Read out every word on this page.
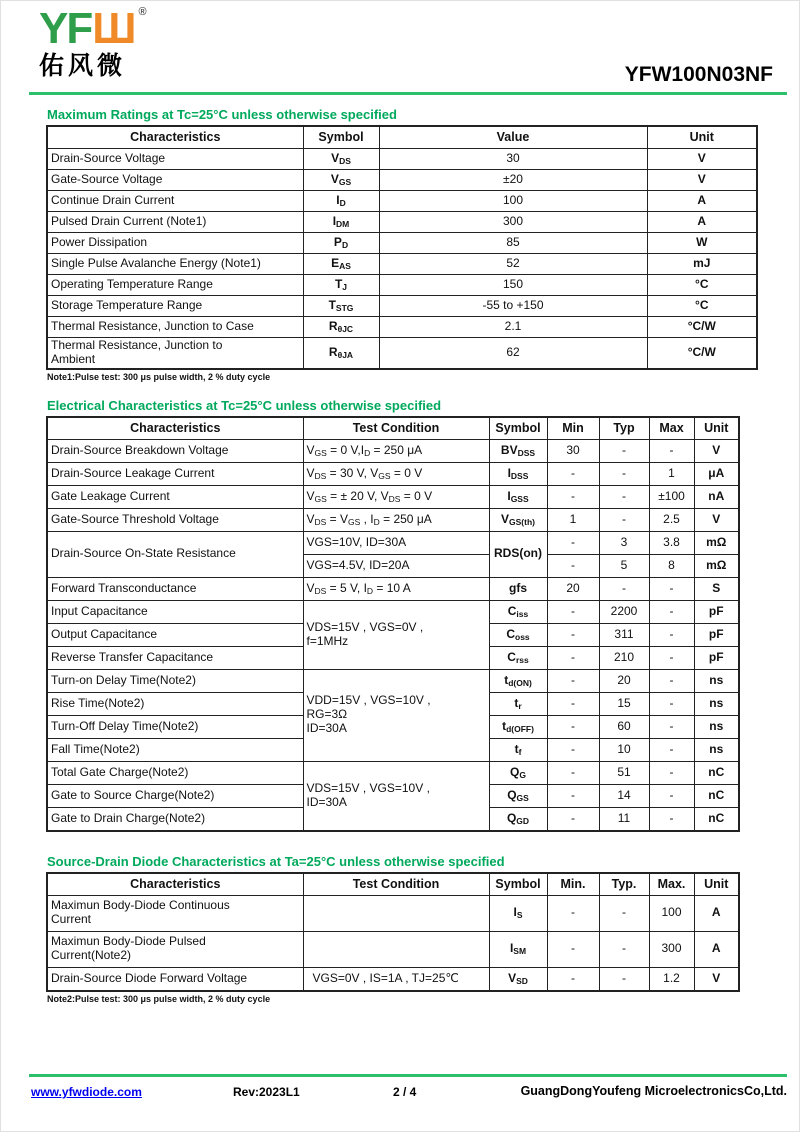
YFШ ®
佑风微	YFW100N03NF
Maximum Ratings at Tc=25°C unless otherwise specified
Characteristics	Symbol	Value	Unit
Drain-Source Voltage	$V_{DS}$	30	V
Gate-Source Voltage	$V_{GS}$	±20	V
Continue Drain Current	$I_D$	100	A
Pulsed Drain Current (Note1)	$I_{DM}$	300	A
Power Dissipation	$P_D$	85	W
Single Pulse Avalanche Energy (Note1)	$E_{AS}$	52	mJ
Operating Temperature Range	$T_J$	150	°C
Storage Temperature Range	$T_{STG}$	-55 to +150	°C
Thermal Resistance, Junction to Case	$R_{\theta JC}$	2.1	°C/W
Thermal Resistance, Junction to
Ambient	$R_{\theta JA}$	62	°C/W
Note1:Pulse test: 300 μs pulse width, 2 % duty cycle
Electrical Characteristics at Tc=25°C unless otherwise specified
Characteristics	Test Condition	Symbol	Min	Typ	Max	Unit
Drain-Source Breakdown Voltage	$V_{GS} = 0$ $V,I_D = 250$ μA	$BV_{DSS}$	30	-	-	V
Drain-Source Leakage Current	$V_{DS} = 30$ V, $V_{GS} = 0$ V	$I_{DSS}$	-	-	1	μA
Gate Leakage Current	$V_{GS}$ = ± 20 V, $V_{DS} = 0$ V	$I_{GSS}$	-	-	±100	nA
Gate-Source Threshold Voltage	$V_{DS} = V_{GS}$ , $I_D = 250$ μA	$V_{GS(th)}$	1	-	2.5	V
Drain-Source On-State Resistance	VGS=10V, ID=30A	RDS(on)	-	3	3.8	mΩ
	VGS=4.5V, ID=20A		-	5	8	mΩ
Forward Transconductance	$V_{DS} = 5$ V, $I_D = 10$ A	gfs	20	-	-	S
Input Capacitance	VDS=15V , VGS=0V ,
f=1MHz	$C_{iss}$	-	2200	-	pF
Output Capacitance		$C_{oss}$	-	311	-	pF
Reverse Transfer Capacitance		$C_{rss}$	-	210	-	pF
Turn-on Delay Time(Note2)	VDD=15V , VGS=10V ,
RG=3Ω
ID=30A	$t_{d(ON)}$	-	20	-	ns
Rise Time(Note2)		$t_r$	-	15	-	ns
Turn-Off Delay Time(Note2)		$t_{d(OFF)}$	-	60	-	ns
Fall Time(Note2)		$t_f$	-	10	-	ns
Total Gate Charge(Note2)	VDS=15V , VGS=10V ,
ID=30A	$Q_G$	-	51	-	nC
Gate to Source Charge(Note2)		$Q_{GS}$	-	14	-	nC
Gate to Drain Charge(Note2)		$Q_{GD}$	-	11	-	nC
Source-Drain Diode Characteristics at Ta=25°C unless otherwise specified
Characteristics	Test Condition	Symbol	Min.	Typ.	Max.	Unit
Maximun Body-Diode Continuous
Current		$I_S$	-	-	100	A
Maximun Body-Diode Pulsed
Current(Note2)		$I_{SM}$	-	-	300	A
Drain-Source Diode Forward Voltage	VGS=0V , IS=1A , TJ=25℃	$V_{SD}$	-	-	1.2	V
Note2:Pulse test: 300 μs pulse width, 2 % duty cycle
www.yfwdiode.com	Rev:2023L1	2 / 4	GuangDongYoufeng MicroelectronicsCo,Ltd.
